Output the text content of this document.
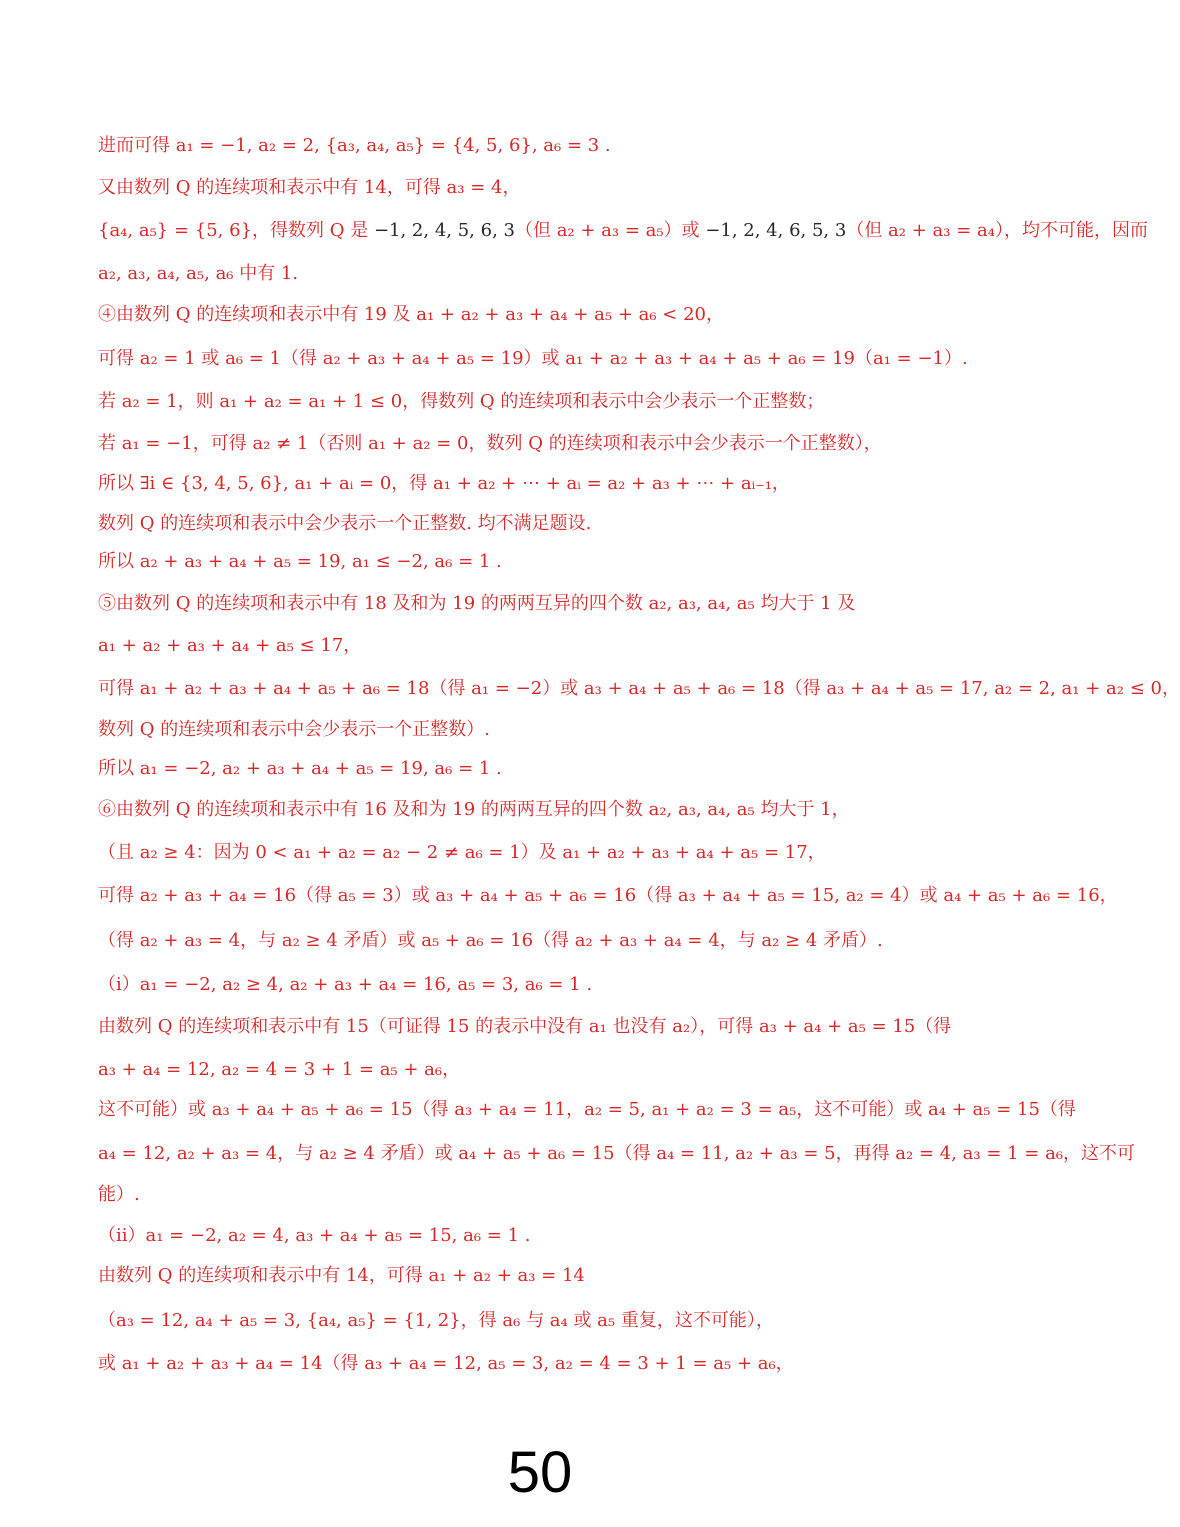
进而可得 a₁ = −1, a₂ = 2, {a₃, a₄, a₅} = {4, 5, 6}, a₆ = 3 .
又由数列 Q 的连续项和表示中有 14，可得 a₃ = 4，
{a₄, a₅} = {5, 6}，得数列 Q 是 −1, 2, 4, 5, 6, 3（但 a₂ + a₃ = a₅）或 −1, 2, 4, 6, 5, 3（但 a₂ + a₃ = a₄），均不可能，因而
a₂, a₃, a₄, a₅, a₆ 中有 1.
④由数列 Q 的连续项和表示中有 19 及 a₁ + a₂ + a₃ + a₄ + a₅ + a₆ < 20，
可得 a₂ = 1 或 a₆ = 1（得 a₂ + a₃ + a₄ + a₅ = 19）或 a₁ + a₂ + a₃ + a₄ + a₅ + a₆ = 19（a₁ = −1）.
若 a₂ = 1，则 a₁ + a₂ = a₁ + 1 ≤ 0，得数列 Q 的连续项和表示中会少表示一个正整数；
若 a₁ = −1，可得 a₂ ≠ 1（否则 a₁ + a₂ = 0，数列 Q 的连续项和表示中会少表示一个正整数），
所以 ∃i ∈ {3, 4, 5, 6}, a₁ + aᵢ = 0，得 a₁ + a₂ + ⋯ + aᵢ = a₂ + a₃ + ⋯ + aᵢ₋₁，
数列 Q 的连续项和表示中会少表示一个正整数. 均不满足题设.
所以 a₂ + a₃ + a₄ + a₅ = 19, a₁ ≤ −2, a₆ = 1 .
⑤由数列 Q 的连续项和表示中有 18 及和为 19 的两两互异的四个数 a₂, a₃, a₄, a₅ 均大于 1 及
a₁ + a₂ + a₃ + a₄ + a₅ ≤ 17，
可得 a₁ + a₂ + a₃ + a₄ + a₅ + a₆ = 18（得 a₁ = −2）或 a₃ + a₄ + a₅ + a₆ = 18（得 a₃ + a₄ + a₅ = 17, a₂ = 2, a₁ + a₂ ≤ 0，
数列 Q 的连续项和表示中会少表示一个正整数）.
所以 a₁ = −2, a₂ + a₃ + a₄ + a₅ = 19, a₆ = 1 .
⑥由数列 Q 的连续项和表示中有 16 及和为 19 的两两互异的四个数 a₂, a₃, a₄, a₅ 均大于 1，
（且 a₂ ≥ 4：因为 0 < a₁ + a₂ = a₂ − 2 ≠ a₆ = 1）及 a₁ + a₂ + a₃ + a₄ + a₅ = 17，
可得 a₂ + a₃ + a₄ = 16（得 a₅ = 3）或 a₃ + a₄ + a₅ + a₆ = 16（得 a₃ + a₄ + a₅ = 15, a₂ = 4）或 a₄ + a₅ + a₆ = 16，
（得 a₂ + a₃ = 4，与 a₂ ≥ 4 矛盾）或 a₅ + a₆ = 16（得 a₂ + a₃ + a₄ = 4，与 a₂ ≥ 4 矛盾）.
（i）a₁ = −2, a₂ ≥ 4, a₂ + a₃ + a₄ = 16, a₅ = 3, a₆ = 1 .
由数列 Q 的连续项和表示中有 15（可证得 15 的表示中没有 a₁ 也没有 a₂），可得 a₃ + a₄ + a₅ = 15（得
a₃ + a₄ = 12, a₂ = 4 = 3 + 1 = a₅ + a₆，
这不可能）或 a₃ + a₄ + a₅ + a₆ = 15（得 a₃ + a₄ = 11，a₂ = 5, a₁ + a₂ = 3 = a₅，这不可能）或 a₄ + a₅ = 15（得
a₄ = 12, a₂ + a₃ = 4，与 a₂ ≥ 4 矛盾）或 a₄ + a₅ + a₆ = 15（得 a₄ = 11, a₂ + a₃ = 5，再得 a₂ = 4, a₃ = 1 = a₆，这不可
能）.
（ii）a₁ = −2, a₂ = 4, a₃ + a₄ + a₅ = 15, a₆ = 1 .
由数列 Q 的连续项和表示中有 14，可得 a₁ + a₂ + a₃ = 14
（a₃ = 12, a₄ + a₅ = 3, {a₄, a₅} = {1, 2}，得 a₆ 与 a₄ 或 a₅ 重复，这不可能），
或 a₁ + a₂ + a₃ + a₄ = 14（得 a₃ + a₄ = 12, a₅ = 3, a₂ = 4 = 3 + 1 = a₅ + a₆，
50
